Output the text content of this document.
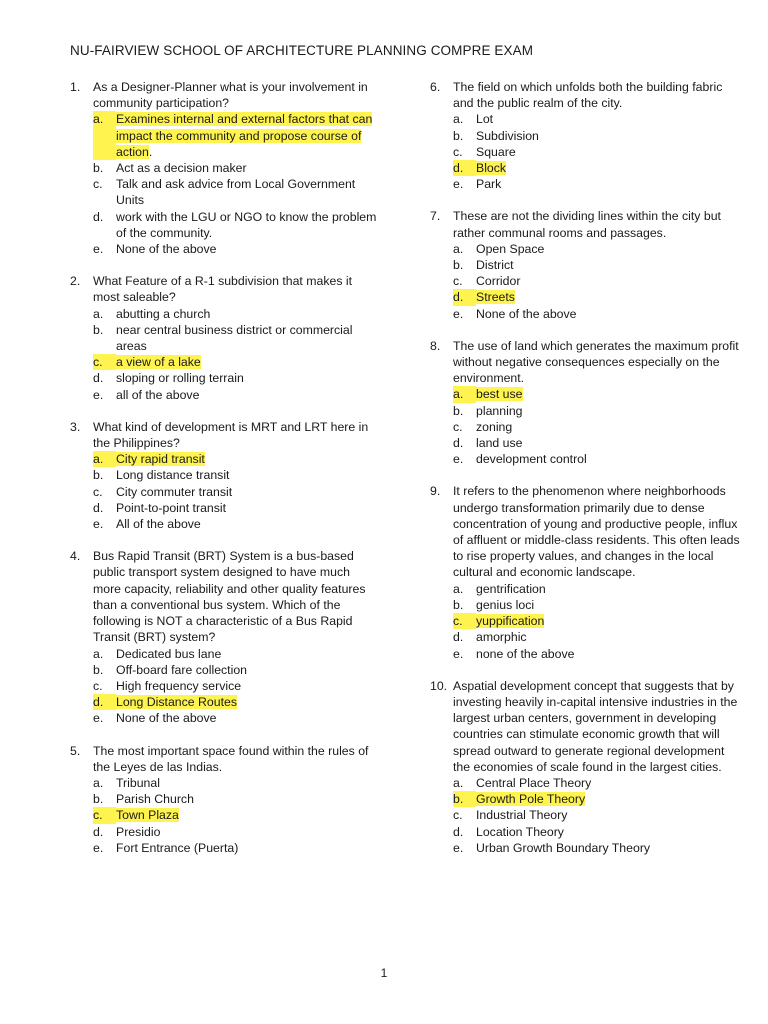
NU-FAIRVIEW SCHOOL OF ARCHITECTURE PLANNING COMPRE EXAM
1.	As a Designer-Planner what is your involvement in community participation?
a.	Examines internal and external factors that can impact the community and propose course of action.
b.	Act as a decision maker
c.	Talk and ask advice from Local Government Units
d.	work with the LGU or NGO to know the problem of the community.
e.	None of the above
2.	What Feature of a R-1 subdivision that makes it most saleable?
a.	abutting a church
b.	near central business district or commercial areas
c.	a view of a lake
d.	sloping or rolling terrain
e.	all of the above
3.	What kind of development is MRT and LRT here in the Philippines?
a.	City rapid transit
b.	Long distance transit
c.	City commuter transit
d.	Point-to-point transit
e.	All of the above
4.	Bus Rapid Transit (BRT) System is a bus-based public transport system designed to have much more capacity, reliability and other quality features than a conventional bus system. Which of the following is NOT a characteristic of a Bus Rapid Transit (BRT) system?
a.	Dedicated bus lane
b.	Off-board fare collection
c.	High frequency service
d.	Long Distance Routes
e.	None of the above
5.	The most important space found within the rules of the Leyes de las Indias.
a.	Tribunal
b.	Parish Church
c.	Town Plaza
d.	Presidio
e.	Fort Entrance (Puerta)
6.	The field on which unfolds both the building fabric and the public realm of the city.
a.	Lot
b.	Subdivision
c.	Square
d.	Block
e.	Park
7.	These are not the dividing lines within the city but rather communal rooms and passages.
a.	Open Space
b.	District
c.	Corridor
d.	Streets
e.	None of the above
8.	The use of land which generates the maximum profit without negative consequences especially on the environment.
a.	best use
b.	planning
c.	zoning
d.	land use
e.	development control
9.	It refers to the phenomenon where neighborhoods undergo transformation primarily due to dense concentration of young and productive people, influx of affluent or middle-class residents. This often leads to rise property values, and changes in the local cultural and economic landscape.
a.	gentrification
b.	genius loci
c.	yuppification
d.	amorphic
e.	none of the above
10. Aspatial development concept that suggests that by investing heavily in-capital intensive industries in the largest urban centers, government in developing countries can stimulate economic growth that will spread outward to generate regional development the economies of scale found in the largest cities.
a.	Central Place Theory
b.	Growth Pole Theory
c.	Industrial Theory
d.	Location Theory
e.	Urban Growth Boundary Theory
1
